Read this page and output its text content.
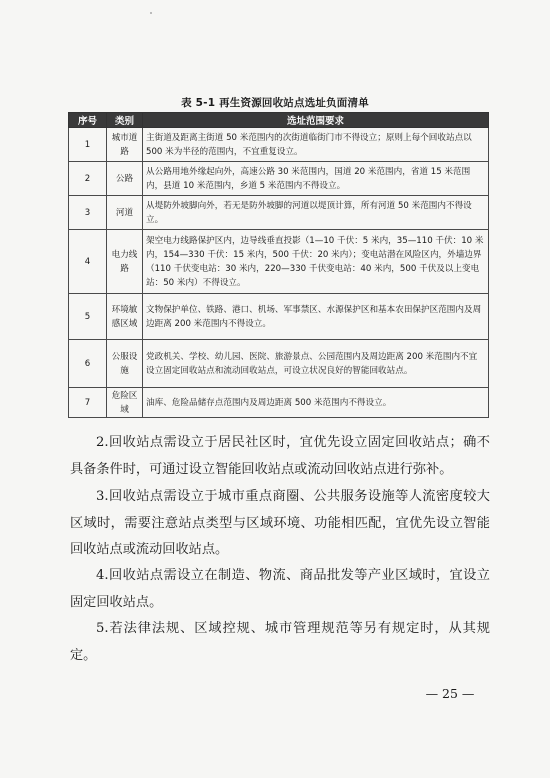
表 5-1 再生资源回收站点选址负面清单
序号	类别	选址范围要求
1	城市道路	主街道及距离主街道 50 米范围内的次街道临街门市不得设立；原则上每个回收站点以 500 米为半径的范围内，不宜重复设立。
2	公路	从公路用地外缘起向外，高速公路 30 米范围内，国道 20 米范围内，省道 15 米范围内，县道 10 米范围内，乡道 5 米范围内不得设立。
3	河道	从堤防外坡脚向外，若无是防外坡脚的河道以堤顶计算，所有河道 50 米范围内不得设立。
4	电力线路	架空电力线路保护区内，边导线垂直投影（1—10 千伏：5 米内，35—110 千伏：10 米内，154—330 千伏：15 米内，500 千伏：20 米内）；变电站潜在风险区内，外墙边界（110 千伏变电站：30 米内，220—330 千伏变电站：40 米内，500 千伏及以上变电站：50 米内）不得设立。
5	环境敏感区域	文物保护单位、铁路、港口、机场、军事禁区、水源保护区和基本农田保护区范围内及周边距离 200 米范围内不得设立。
6	公服设施	党政机关、学校、幼儿园、医院、旅游景点、公园范围内及周边距离 200 米范围内不宜设立固定回收站点和流动回收站点，可设立状况良好的智能回收站点。
7	危险区域	油库、危险品储存点范围内及周边距离 500 米范围内不得设立。

2.回收站点需设立于居民社区时，宜优先设立固定回收站点；确不具备条件时，可通过设立智能回收站点或流动回收站点进行弥补。

3.回收站点需设立于城市重点商圈、公共服务设施等人流密度较大区域时，需要注意站点类型与区域环境、功能相匹配，宜优先设立智能回收站点或流动回收站点。

4.回收站点需设立在制造、物流、商品批发等产业区域时，宜设立固定回收站点。

5.若法律法规、区域控规、城市管理规范等另有规定时，从其规定。

— 25 —
